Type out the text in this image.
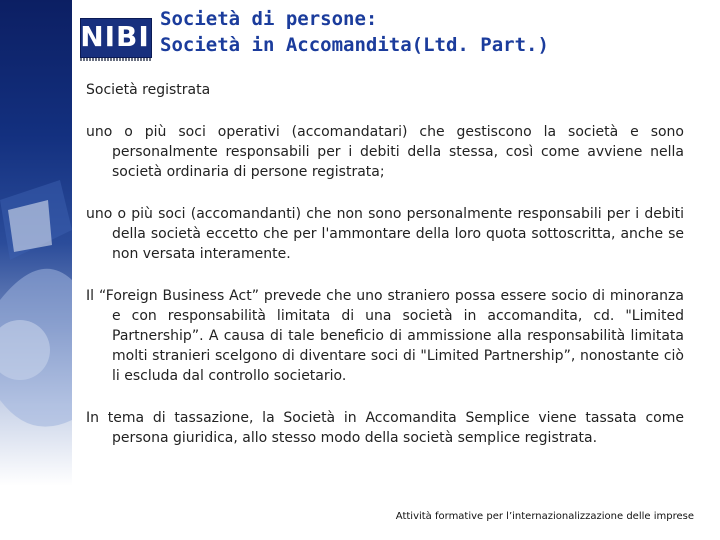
NIBI
Società di persone:
Società in Accomandita(Ltd. Part.)

Società registrata

uno o più soci operativi (accomandatari) che gestiscono la società e sono personalmente responsabili per i debiti della stessa, così come avviene nella società ordinaria di persone registrata;

uno o più soci (accomandanti) che non sono personalmente responsabili per i debiti della società eccetto che per l'ammontare della loro quota sottoscritta, anche se non versata interamente.

Il “Foreign Business Act” prevede che uno straniero possa essere socio di minoranza e con responsabilità limitata di una società in accomandita, cd. "Limited Partnership”. A causa di tale beneficio di ammissione alla responsabilità limitata molti stranieri scelgono di diventare soci di "Limited Partnership”, nonostante ciò li escluda dal controllo societario.

In tema di tassazione, la Società in Accomandita Semplice viene tassata come persona giuridica, allo stesso modo della società semplice registrata.

Attività formative per l’internazionalizzazione delle imprese
